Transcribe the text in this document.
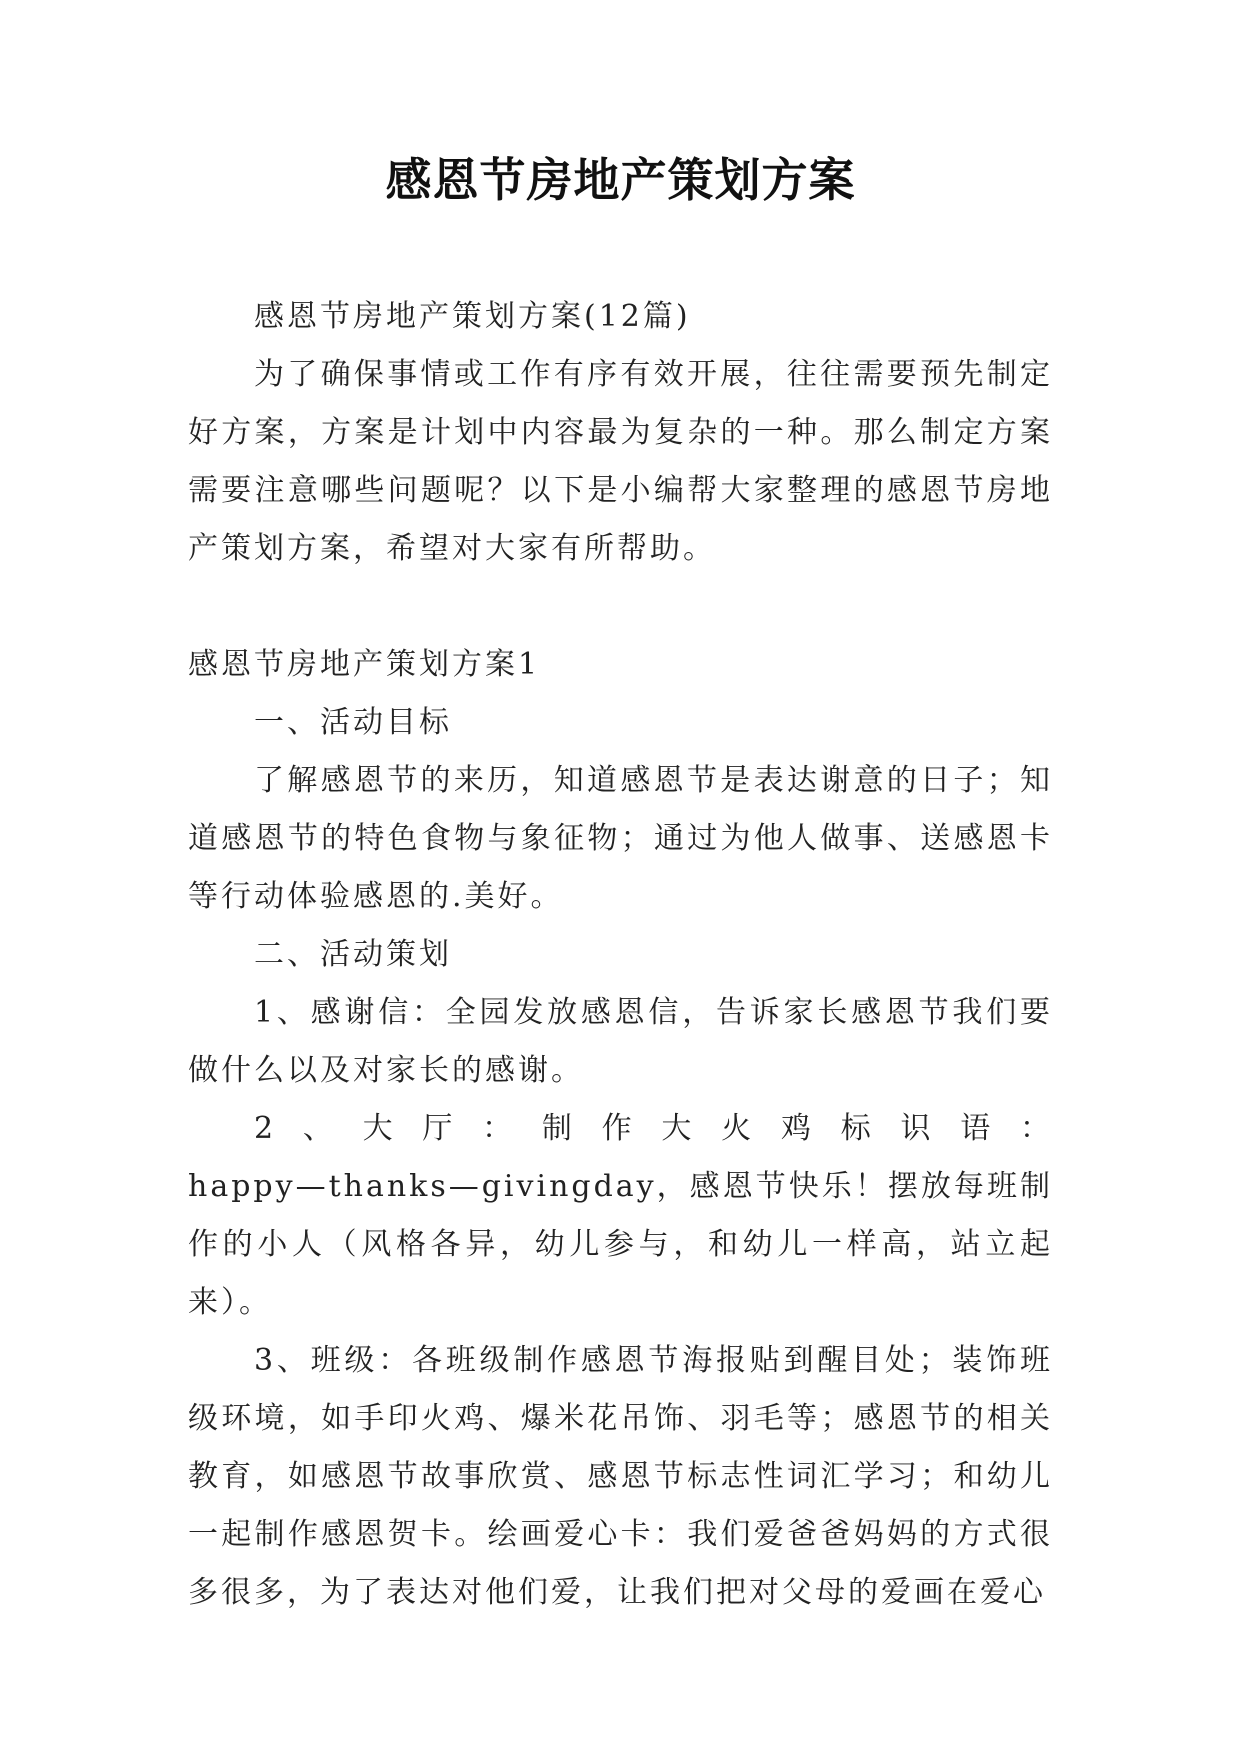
感恩节房地产策划方案

感恩节房地产策划方案(12篇)

为了确保事情或工作有序有效开展，往往需要预先制定好方案，方案是计划中内容最为复杂的一种。那么制定方案需要注意哪些问题呢？以下是小编帮大家整理的感恩节房地产策划方案，希望对大家有所帮助。

感恩节房地产策划方案1

一、活动目标

了解感恩节的来历，知道感恩节是表达谢意的日子；知道感恩节的特色食物与象征物；通过为他人做事、送感恩卡等行动体验感恩的.美好。

二、活动策划

1、感谢信：全园发放感恩信，告诉家长感恩节我们要做什么以及对家长的感谢。

2、大厅：制作大火鸡标识语：

happy—thanks—givingday，感恩节快乐！摆放每班制作的小人（风格各异，幼儿参与，和幼儿一样高，站立起来）。

3、班级：各班级制作感恩节海报贴到醒目处；装饰班级环境，如手印火鸡、爆米花吊饰、羽毛等；感恩节的相关教育，如感恩节故事欣赏、感恩节标志性词汇学习；和幼儿一起制作感恩贺卡。绘画爱心卡：我们爱爸爸妈妈的方式很多很多，为了表达对他们爱，让我们把对父母的爱画在爱心
